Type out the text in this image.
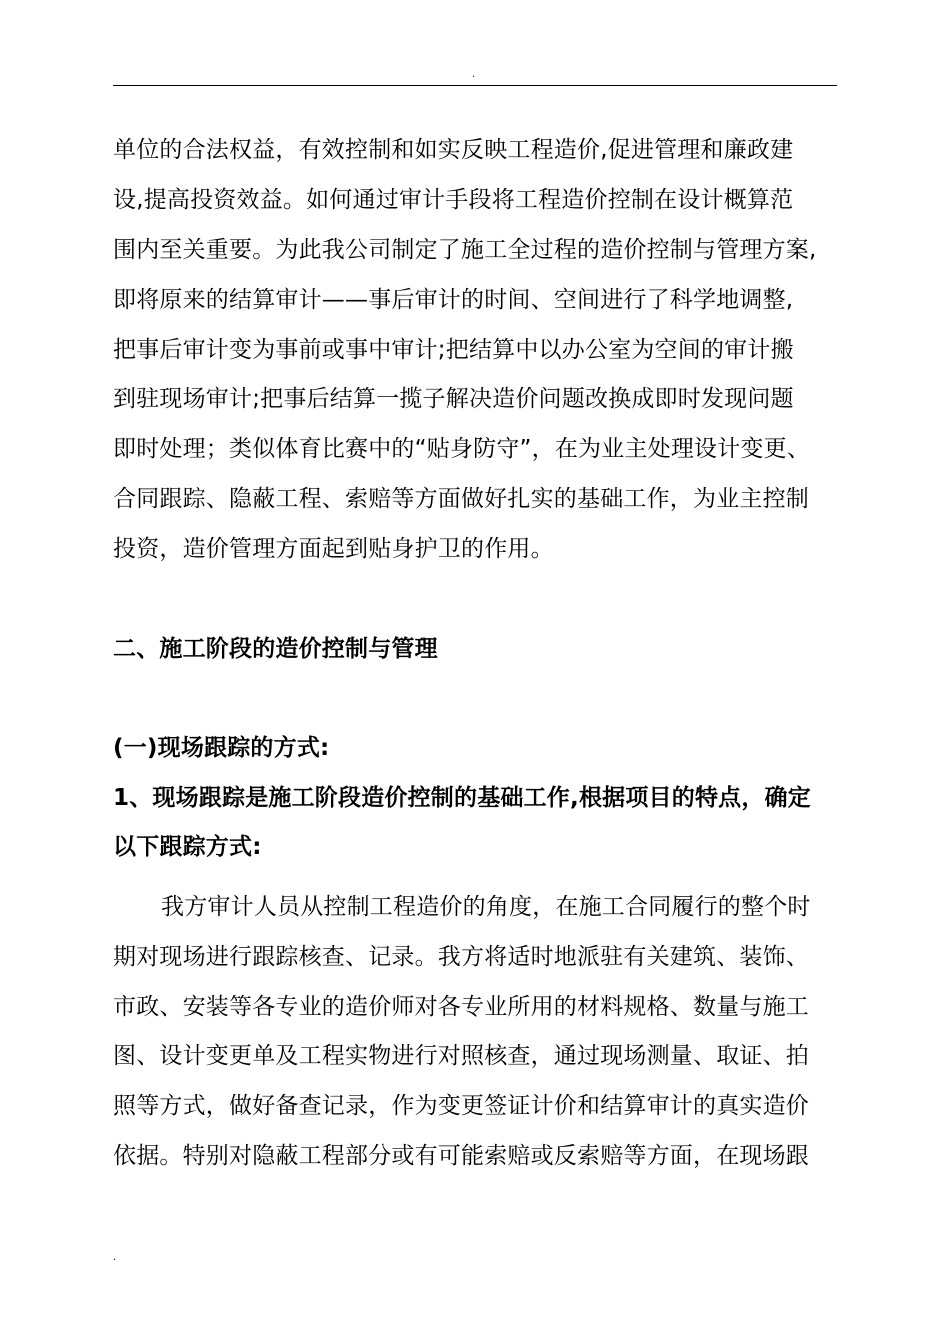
.
单位的合法权益，有效控制和如实反映工程造价,促进管理和廉政建
设,提高投资效益。如何通过审计手段将工程造价控制在设计概算范
围内至关重要。为此我公司制定了施工全过程的造价控制与管理方案,
即将原来的结算审计——事后审计的时间、空间进行了科学地调整,
把事后审计变为事前或事中审计;把结算中以办公室为空间的审计搬
到驻现场审计;把事后结算一揽子解决造价问题改换成即时发现问题
即时处理；类似体育比赛中的“贴身防守”，在为业主处理设计变更、
合同跟踪、隐蔽工程、索赔等方面做好扎实的基础工作，为业主控制
投资，造价管理方面起到贴身护卫的作用。
二、施工阶段的造价控制与管理
(一)现场跟踪的方式:
1、现场跟踪是施工阶段造价控制的基础工作,根据项目的特点，确定
以下跟踪方式:
我方审计人员从控制工程造价的角度，在施工合同履行的整个时
期对现场进行跟踪核查、记录。我方将适时地派驻有关建筑、装饰、
市政、安装等各专业的造价师对各专业所用的材料规格、数量与施工
图、设计变更单及工程实物进行对照核查，通过现场测量、取证、拍
照等方式，做好备查记录，作为变更签证计价和结算审计的真实造价
依据。特别对隐蔽工程部分或有可能索赔或反索赔等方面，在现场跟
.
